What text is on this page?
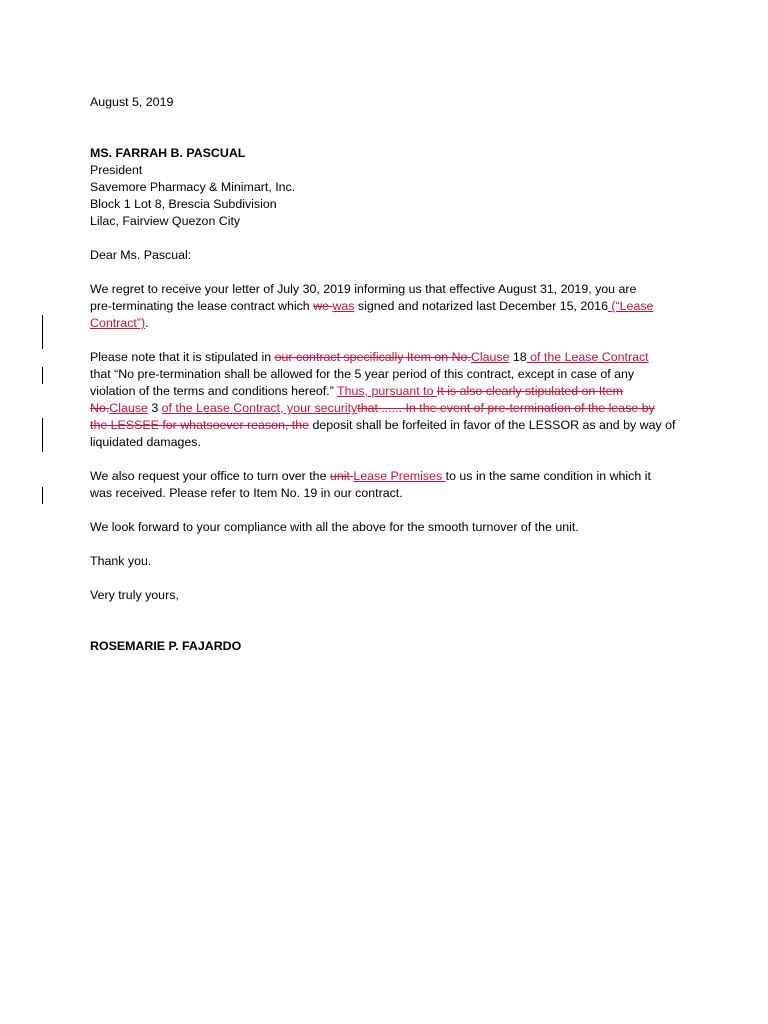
August 5, 2019
MS. FARRAH B. PASCUAL
President
Savemore Pharmacy & Minimart, Inc.
Block 1 Lot 8, Brescia Subdivision
Lilac, Fairview Quezon City
Dear Ms. Pascual:
We regret to receive your letter of July 30, 2019 informing us that effective August 31, 2019, you are
pre-terminating the lease contract which we was signed and notarized last December 15, 2016 (“Lease
Contract”).
Please note that it is stipulated in our contract specifically Item on No.Clause 18 of the Lease Contract
that “No pre-termination shall be allowed for the 5 year period of this contract, except in case of any
violation of the terms and conditions hereof.” Thus, pursuant to It is also clearly stipulated on Item
No.Clause 3 of the Lease Contract, your securitythat ...... In the event of pre-termination of the lease by
the LESSEE for whatsoever reason, the deposit shall be forfeited in favor of the LESSOR as and by way of
liquidated damages.
We also request your office to turn over the unit Lease Premises to us in the same condition in which it
was received. Please refer to Item No. 19 in our contract.
We look forward to your compliance with all the above for the smooth turnover of the unit.
Thank you.
Very truly yours,
ROSEMARIE P. FAJARDO
